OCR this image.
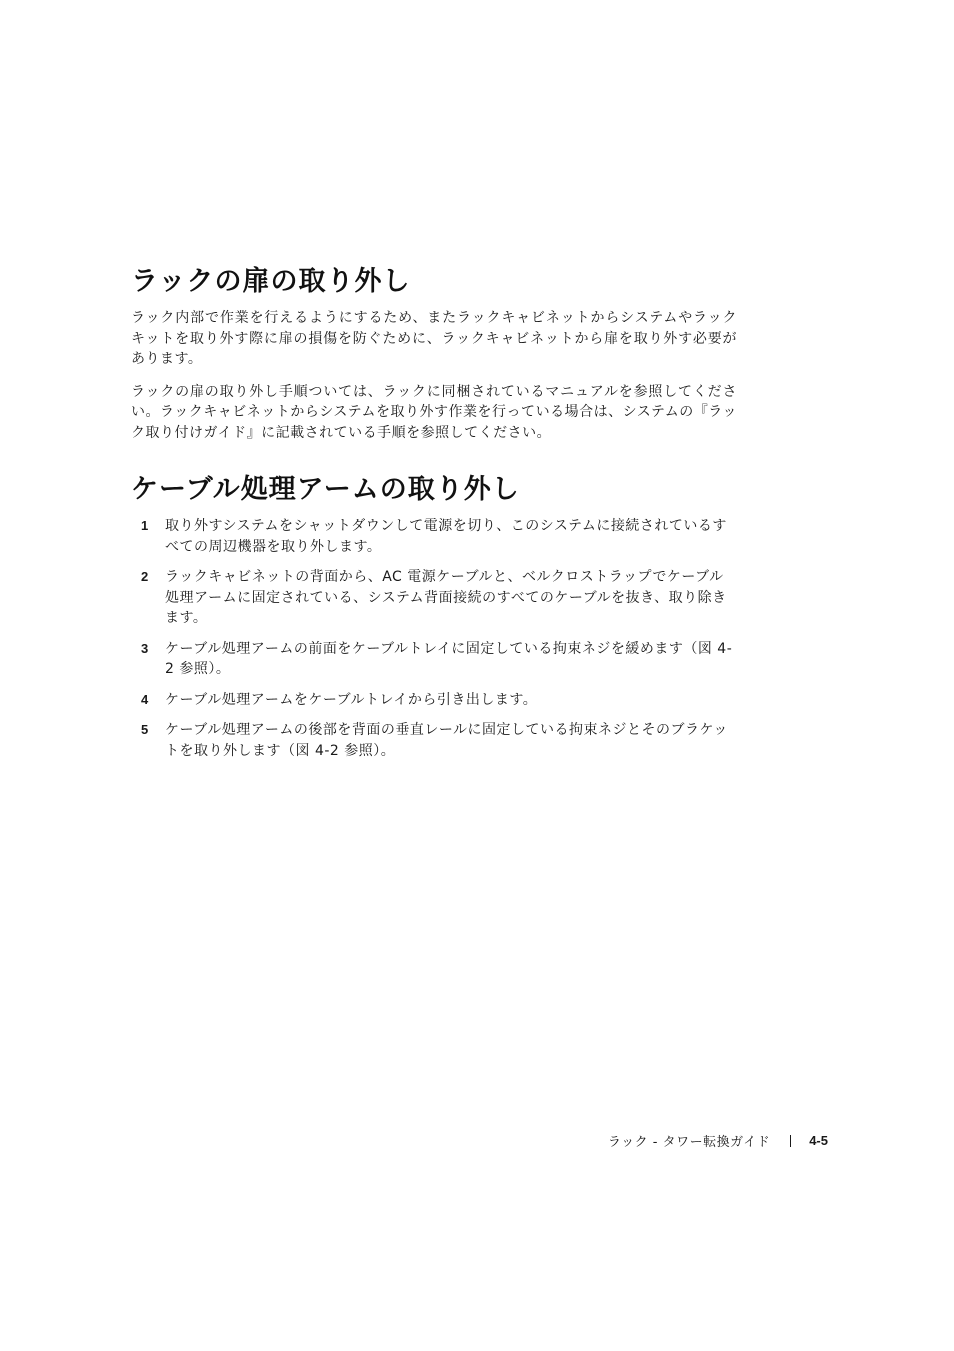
ラックの扉の取り外し

ラック内部で作業を行えるようにするため、またラックキャビネットからシステムやラックキットを取り外す際に扉の損傷を防ぐために、ラックキャビネットから扉を取り外す必要があります。

ラックの扉の取り外し手順ついては、ラックに同梱されているマニュアルを参照してください。ラックキャビネットからシステムを取り外す作業を行っている場合は、システムの『ラック取り付けガイド』に記載されている手順を参照してください。

ケーブル処理アームの取り外し
1 取り外すシステムをシャットダウンして電源を切り、このシステムに接続されているすべての周辺機器を取り外します。
2 ラックキャビネットの背面から、AC 電源ケーブルと、ベルクロストラップでケーブル処理アームに固定されている、システム背面接続のすべてのケーブルを抜き、取り除きます。
3 ケーブル処理アームの前面をケーブルトレイに固定している拘束ネジを緩めます（図 4-2 参照）。
4 ケーブル処理アームをケーブルトレイから引き出します。
5 ケーブル処理アームの後部を背面の垂直レールに固定している拘束ネジとそのブラケットを取り外します（図 4-2 参照）。
ラック - タワー転換ガイド	4-5
